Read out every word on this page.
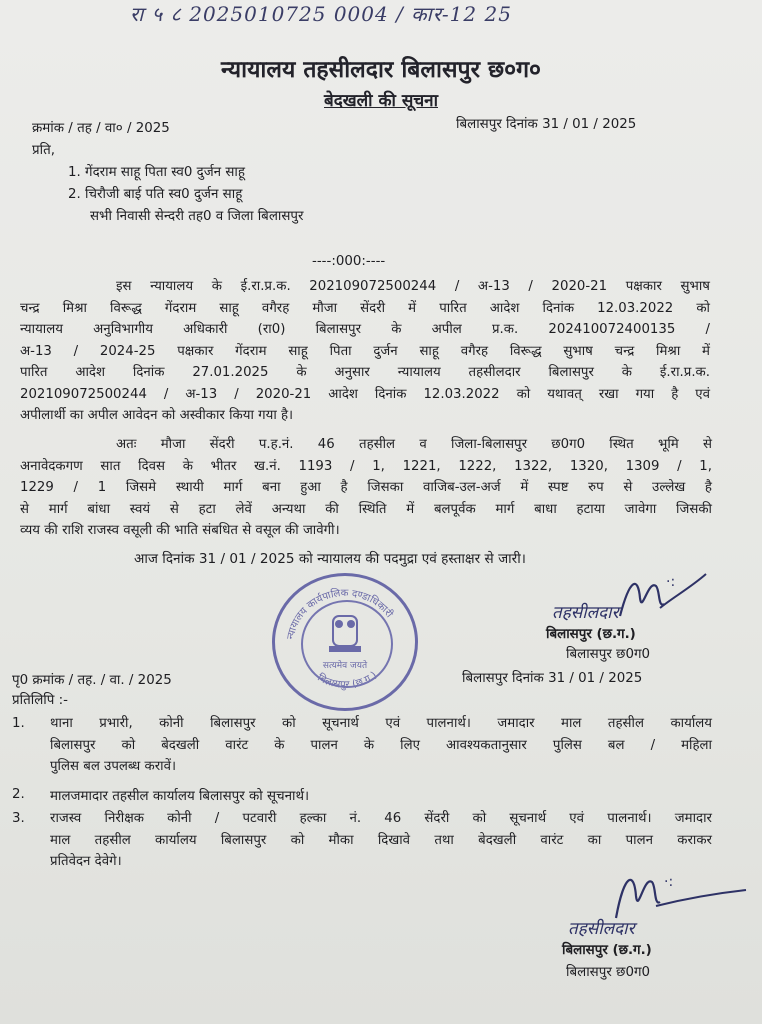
रा ५ ८ 2025010725 0004 / कार-12 25
न्यायालय तहसीलदार बिलासपुर छ०ग०
बेदखली की सूचना
क्रमांक / तह / वा० / 2025	बिलासपुर दिनांक 31 / 01 / 2025
प्रति,
1. गेंदराम साहू पिता स्व0 दुर्जन साहू
2. चिरौजी बाई पति स्व0 दुर्जन साहू
सभी निवासी सेन्दरी तह0 व जिला बिलासपुर
----:000:----
इस न्यायालय के ई.रा.प्र.क. 202109072500244 / अ-13 / 2020-21 पक्षकार सुभाष
चन्द्र मिश्रा विरूद्ध गेंदराम साहू वगैरह मौजा सेंदरी में पारित आदेश दिनांक 12.03.2022 को
न्यायालय अनुविभागीय अधिकारी (रा0) बिलासपुर के अपील प्र.क. 202410072400135 /
अ-13 / 2024-25 पक्षकार गेंदराम साहू पिता दुर्जन साहू वगैरह विरूद्ध सुभाष चन्द्र मिश्रा में
पारित आदेश दिनांक 27.01.2025 के अनुसार न्यायालय तहसीलदार बिलासपुर के ई.रा.प्र.क.
202109072500244 / अ-13 / 2020-21 आदेश दिनांक 12.03.2022 को यथावत् रखा गया है एवं
अपीलार्थी का अपील आवेदन को अस्वीकार किया गया है।
अतः मौजा सेंदरी प.ह.नं. 46 तहसील व जिला-बिलासपुर छ0ग0 स्थित भूमि से
अनावेदकगण सात दिवस के भीतर ख.नं. 1193 / 1, 1221, 1222, 1322, 1320, 1309 / 1,
1229 / 1 जिसमे स्थायी मार्ग बना हुआ है जिसका वाजिब-उल-अर्ज में स्पष्ट रुप से उल्लेख है
से मार्ग बांधा स्वयं से हटा लेवें अन्यथा की स्थिति में बलपूर्वक मार्ग बाधा हटाया जावेगा जिसकी
व्यय की राशि राजस्व वसूली की भाति संबधित से वसूल की जावेगी।
आज दिनांक 31 / 01 / 2025 को न्यायालय की पदमुद्रा एवं हस्ताक्षर से जारी।
न्यायालय कार्यपालिक दण्डाधिकारी
बिलासपुर (छ.ग.)
सत्यमेव जयते
·:
तहसीलदार
बिलासपुर (छ.ग.)
बिलासपुर छ0ग0
पृ0 क्रमांक / तह. / वा. / 2025	बिलासपुर दिनांक 31 / 01 / 2025
प्रतिलिपि :-
1. थाना प्रभारी, कोनी बिलासपुर को सूचनार्थ एवं पालनार्थ। जमादार माल तहसील कार्यालय
बिलासपुर को बेदखली वारंट के पालन के लिए आवश्यकतानुसार पुलिस बल / महिला
पुलिस बल उपलब्ध करावें।
2. मालजमादार तहसील कार्यालय बिलासपुर को सूचनार्थ।
3. राजस्व निरीक्षक कोनी / पटवारी हल्का नं. 46 सेंदरी को सूचनार्थ एवं पालनार्थ। जमादार
माल तहसील कार्यालय बिलासपुर को मौका दिखावे तथा बेदखली वारंट का पालन कराकर
प्रतिवेदन देवेगे।
·:
तहसीलदार
बिलासपुर (छ.ग.)
बिलासपुर छ0ग0
